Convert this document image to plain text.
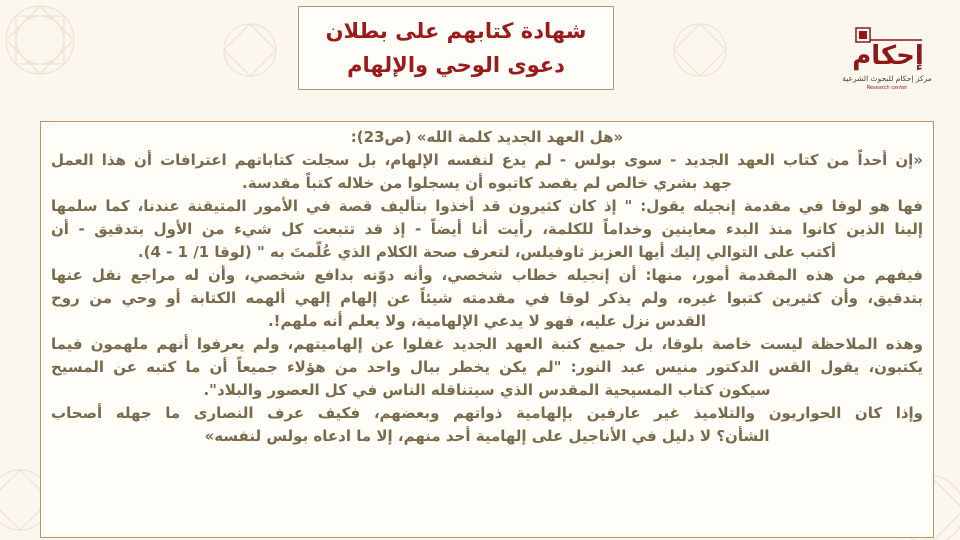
شهادة كتابهم على بطلان
دعوى الوحي والإلهام	إحكام
مركز إحكام للبحوث الشرعية
Research center
«هل العهد الجديد كلمة الله» (ص23):
«إن أحداً من كتاب العهد الجديد - سوى بولس - لم يدع لنفسه الإلهام، بل سجلت كتاباتهم اعترافات أن هذا العمل
جهد بشري خالص لم يقصد كاتبوه أن يسجلوا من خلاله كتباً مقدسة.
فها هو لوقا في مقدمة إنجيله يقول: " إذ كان كثيرون قد أخذوا بتأليف قصة في الأمور المتيقنة عندنا، كما سلمها
إلينا الذين كانوا منذ البدء معاينين وخداماً للكلمة، رأيت أنا أيضاً - إذ قد تتبعت كل شيء من الأول بتدقيق - أن
أكتب على التوالي إليك أيها العزيز ثاوفيلس، لتعرف صحة الكلام الذي عُلّمتَ به " (لوقا 1/ 1 - 4).
فيفهم من هذه المقدمة أمور، منها: أن إنجيله خطاب شخصي، وأنه دوّنه بدافع شخصي، وأن له مراجع نقل عنها
بتدقيق، وأن كثيرين كتبوا غيره، ولم يذكر لوقا في مقدمته شيئاً عن إلهام إلهي ألهمه الكتابة أو وحي من روح
القدس نزل عليه، فهو لا يدعي الإلهامية، ولا يعلم أنه ملهم!.
وهذه الملاحظة ليست خاصة بلوقا، بل جميع كتبة العهد الجديد غفلوا عن إلهاميتهم، ولم يعرفوا أنهم ملهمون فيما
يكتبون، يقول القس الدكتور منيس عبد النور: "لم يكن يخطر ببال واحد من هؤلاء جميعاً أن ما كتبه عن المسيح
سيكون كتاب المسيحية المقدس الذي سيتناقله الناس في كل العصور والبلاد".
وإذا كان الحواريون والتلاميذ غير عارفين بإلهامية ذواتهم وبعضهم، فكيف عرف النصارى ما جهله أصحاب
الشأن؟ لا دليل في الأناجيل على إلهامية أحد منهم، إلا ما ادعاه بولس لنفسه»
